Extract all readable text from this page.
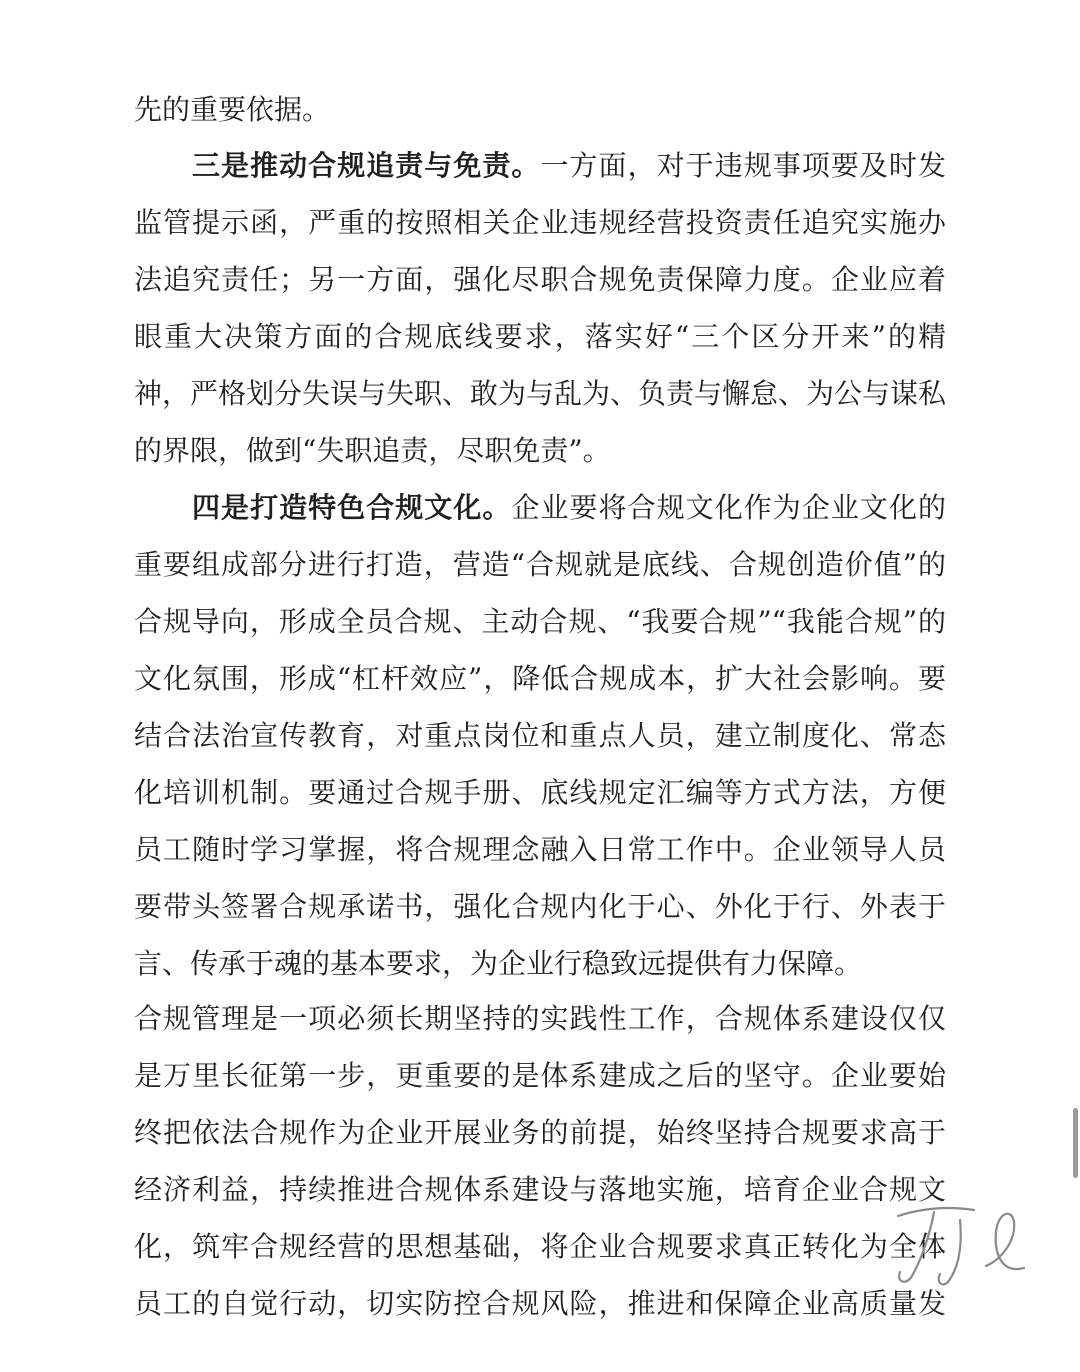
先的重要依据。
三是推动合规追责与免责。一方面，对于违规事项要及时发
监管提示函，严重的按照相关企业违规经营投资责任追究实施办
法追究责任；另一方面，强化尽职合规免责保障力度。企业应着
眼重大决策方面的合规底线要求，落实好“三个区分开来”的精
神，严格划分失误与失职、敢为与乱为、负责与懈怠、为公与谋私
的界限，做到“失职追责，尽职免责”。
四是打造特色合规文化。企业要将合规文化作为企业文化的
重要组成部分进行打造，营造“合规就是底线、合规创造价值”的
合规导向，形成全员合规、主动合规、“我要合规”“我能合规”的
文化氛围，形成“杠杆效应”，降低合规成本，扩大社会影响。要
结合法治宣传教育，对重点岗位和重点人员，建立制度化、常态
化培训机制。要通过合规手册、底线规定汇编等方式方法，方便
员工随时学习掌握，将合规理念融入日常工作中。企业领导人员
要带头签署合规承诺书，强化合规内化于心、外化于行、外表于
言、传承于魂的基本要求，为企业行稳致远提供有力保障。
合规管理是一项必须长期坚持的实践性工作，合规体系建设仅仅
是万里长征第一步，更重要的是体系建成之后的坚守。企业要始
终把依法合规作为企业开展业务的前提，始终坚持合规要求高于
经济利益，持续推进合规体系建设与落地实施，培育企业合规文
化，筑牢合规经营的思想基础，将企业合规要求真正转化为全体
员工的自觉行动，切实防控合规风险，推进和保障企业高质量发
